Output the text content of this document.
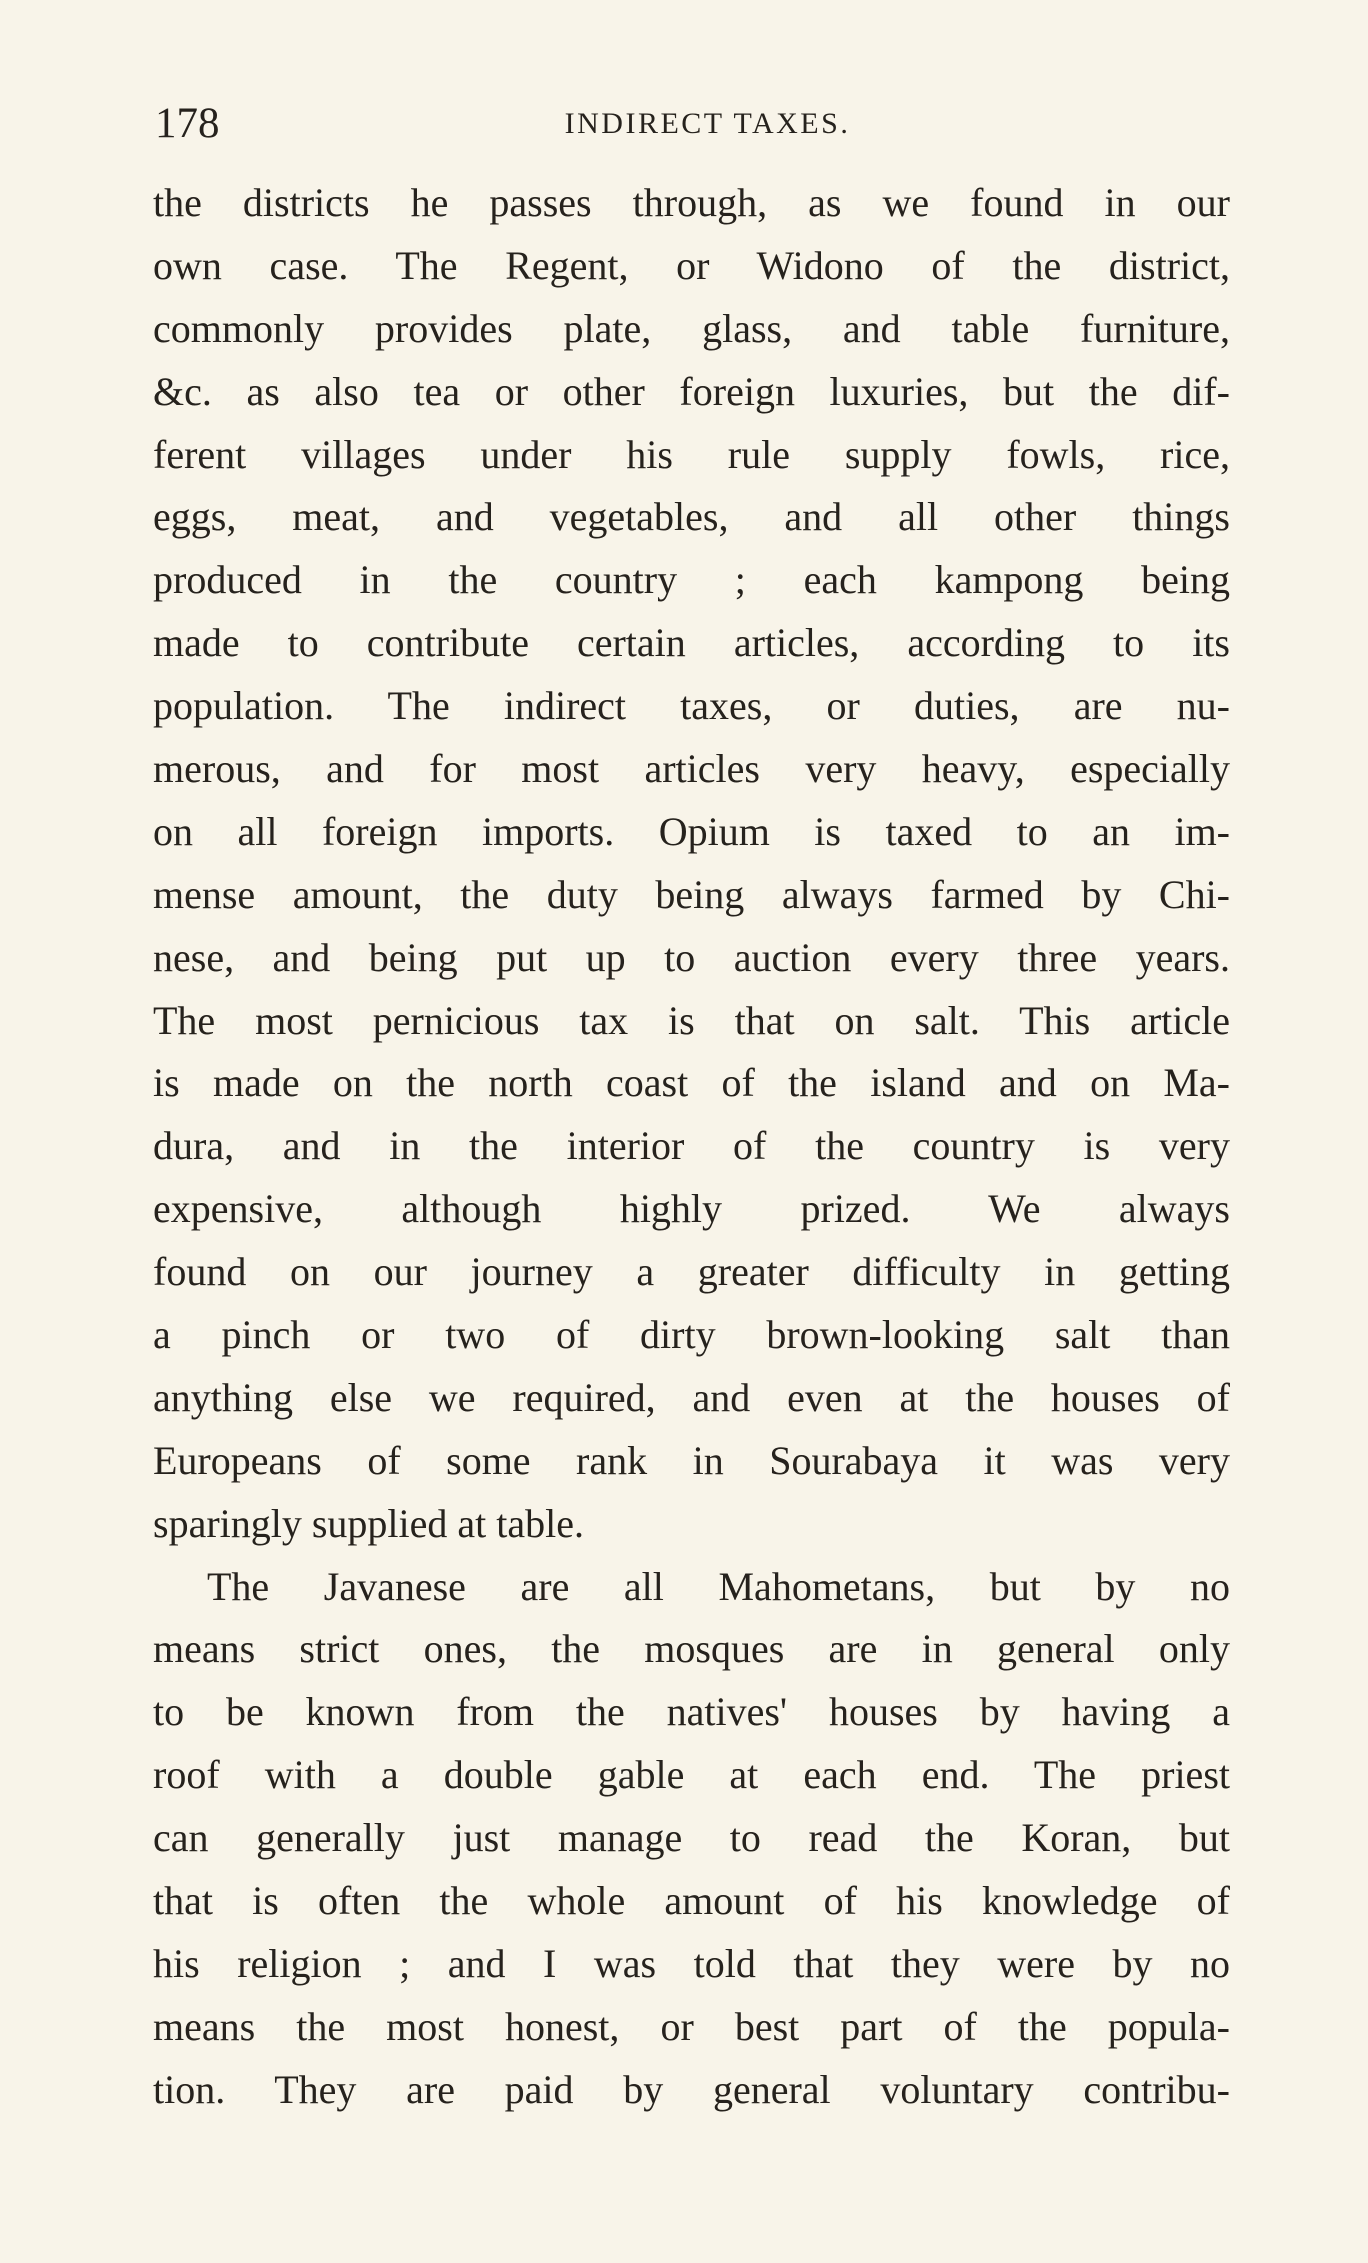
178	INDIRECT TAXES.
the districts he passes through, as we found in our
own case. The Regent, or Widono of the district,
commonly provides plate, glass, and table furniture,
&c. as also tea or other foreign luxuries, but the dif-
ferent villages under his rule supply fowls, rice,
eggs, meat, and vegetables, and all other things
produced in the country ; each kampong being
made to contribute certain articles, according to its
population. The indirect taxes, or duties, are nu-
merous, and for most articles very heavy, especially
on all foreign imports. Opium is taxed to an im-
mense amount, the duty being always farmed by Chi-
nese, and being put up to auction every three years.
The most pernicious tax is that on salt. This article
is made on the north coast of the island and on Ma-
dura, and in the interior of the country is very
expensive, although highly prized. We always
found on our journey a greater difficulty in getting
a pinch or two of dirty brown-looking salt than
anything else we required, and even at the houses of
Europeans of some rank in Sourabaya it was very
sparingly supplied at table.
The Javanese are all Mahometans, but by no
means strict ones, the mosques are in general only
to be known from the natives' houses by having a
roof with a double gable at each end. The priest
can generally just manage to read the Koran, but
that is often the whole amount of his knowledge of
his religion ; and I was told that they were by no
means the most honest, or best part of the popula-
tion. They are paid by general voluntary contribu-
